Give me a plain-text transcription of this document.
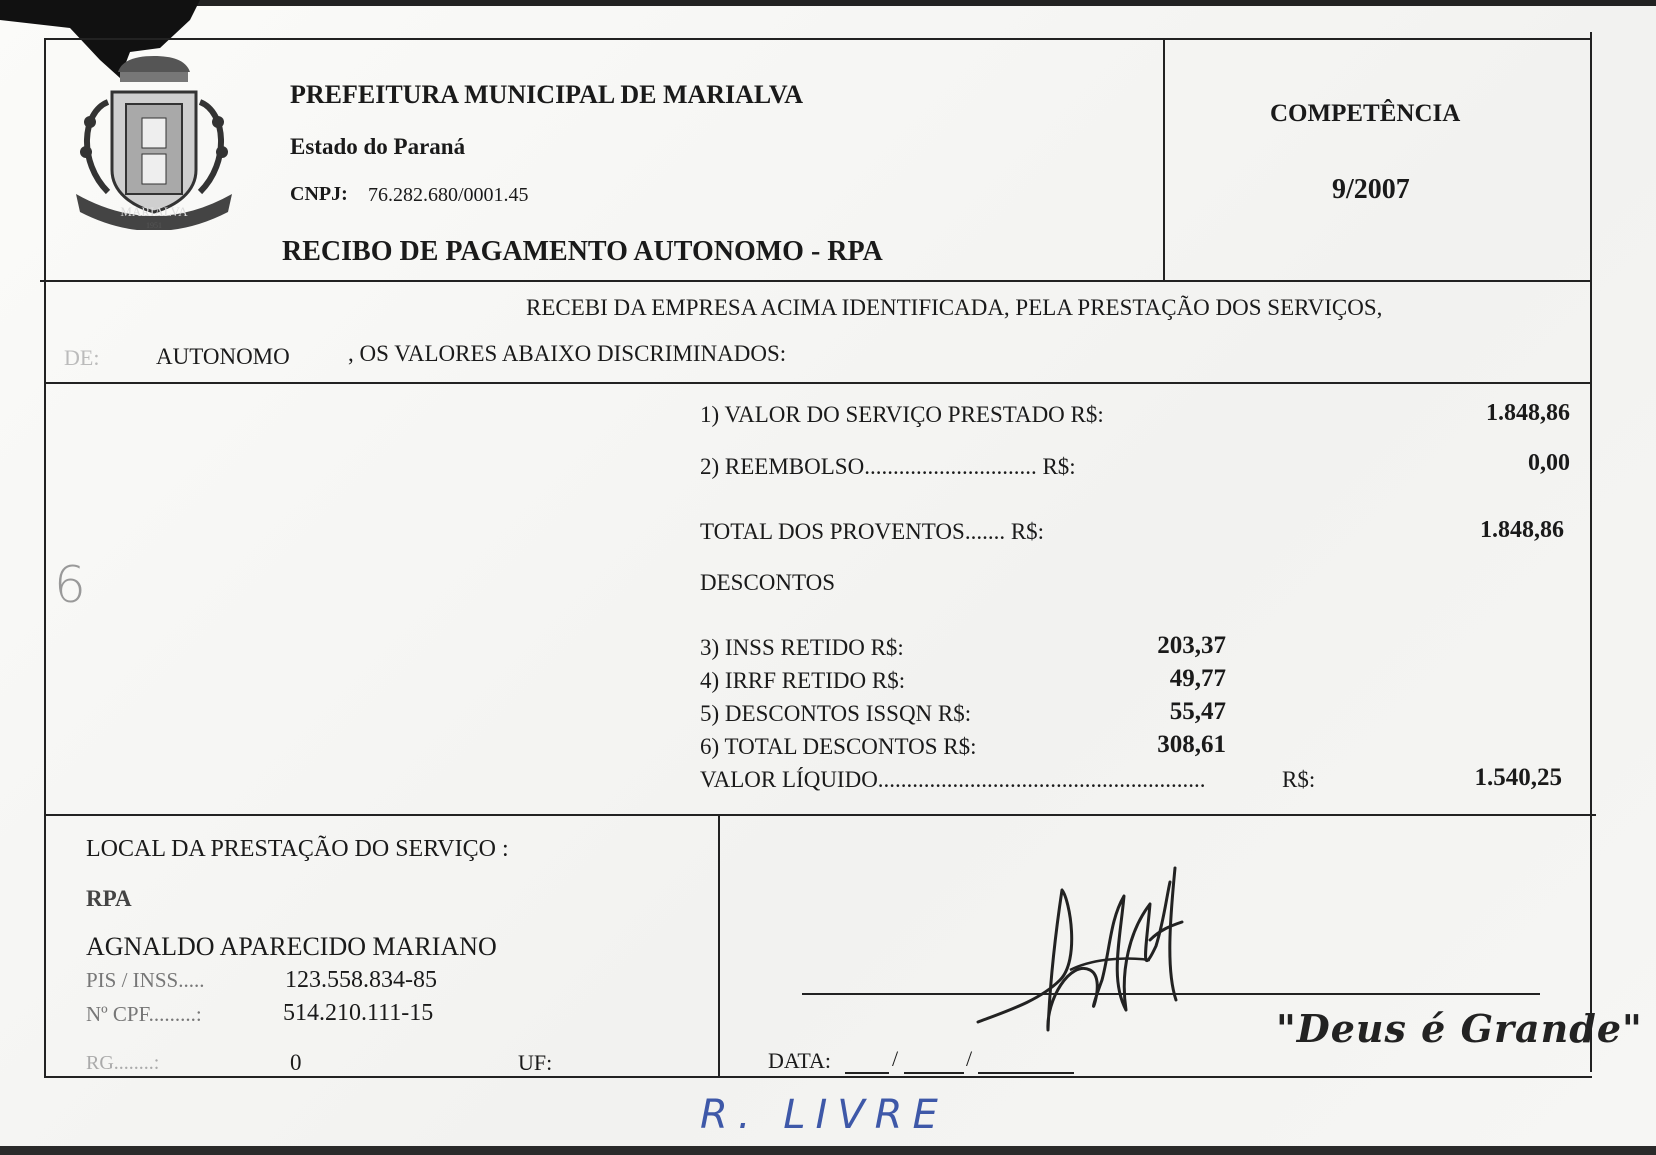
MARIALVA
1951
PREFEITURA MUNICIPAL DE MARIALVA
Estado do Paraná
CNPJ: 76.282.680/0001.45
RECIBO DE PAGAMENTO AUTONOMO - RPA
COMPETÊNCIA
9/2007
RECEBI DA EMPRESA ACIMA IDENTIFICADA, PELA PRESTAÇÃO DOS SERVIÇOS,
DE: AUTONOMO	, OS VALORES ABAIXO DISCRIMINADOS:
1) VALOR DO SERVIÇO PRESTADO R$:	1.848,86
2) REEMBOLSO.............................. R$:	0,00
TOTAL DOS PROVENTOS....... R$:	1.848,86
DESCONTOS
3) INSS RETIDO R$:	203,37
4) IRRF RETIDO R$:	49,77
5) DESCONTOS ISSQN R$:	55,47
6) TOTAL DESCONTOS R$:	308,61
VALOR LÍQUIDO.........................................................	R$:	1.540,25
6
LOCAL DA PRESTAÇÃO DO SERVIÇO :
RPA
AGNALDO APARECIDO MARIANO
PIS / INSS.....	123.558.834-85
Nº CPF.........:	514.210.111-15
RG........:	0	UF:	DATA:	/	/
"Deus é Grande"
R. LIVRE
